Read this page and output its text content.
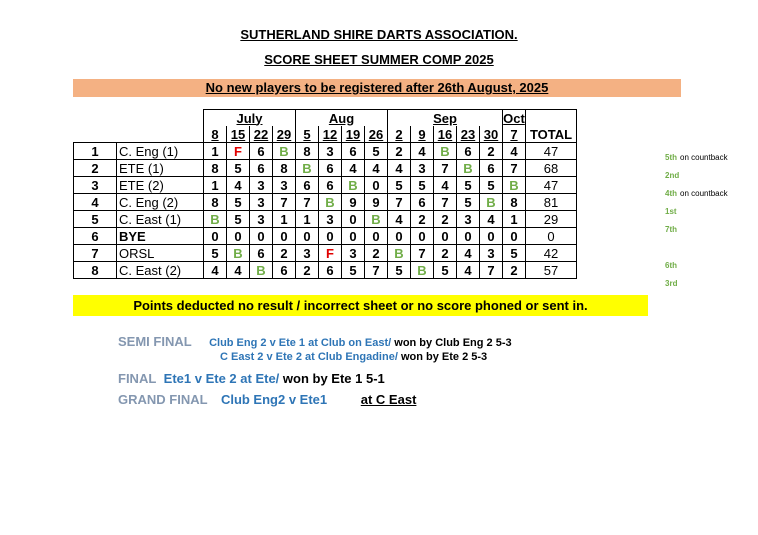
SUTHERLAND SHIRE DARTS ASSOCIATION.
SCORE SHEET SUMMER COMP 2025
No new players to be registered after 26th August, 2025
		July				Aug				Sep					Oct	
		8	15	22	29	5	12	19	26	2	9	16	23	30	7	TOTAL
1	C. Eng (1)	1	F	6	B	8	3	6	5	2	4	B	6	2	4	47
2	ETE (1)	8	5	6	8	B	6	4	4	4	3	7	B	6	7	68
3	ETE (2)	1	4	3	3	6	6	B	0	5	5	4	5	5	B	47
4	C. Eng (2)	8	5	3	7	7	B	9	9	7	6	7	5	B	8	81
5	C. East (1)	B	5	3	1	1	3	0	B	4	2	2	3	4	1	29
6	BYE	0	0	0	0	0	0	0	0	0	0	0	0	0	0	0
7	ORSL	5	B	6	2	3	F	3	2	B	7	2	4	3	5	42
8	C. East (2)	4	4	B	6	2	6	5	7	5	B	5	4	7	2	57
5th on countback
2nd
4th on countback
1st
7th
6th
3rd
Points deducted no result / incorrect sheet or no score phoned or sent in.
SEMI FINAL Club Eng 2 v Ete 1 at Club on East/ won by Club Eng 2 5-3
C East 2 v Ete 2 at Club Engadine/ won by Ete 2 5-3
FINAL Ete1 v Ete 2 at Ete/ won by Ete 1 5-1
GRAND FINAL Club Eng2 v Ete1	at C East
